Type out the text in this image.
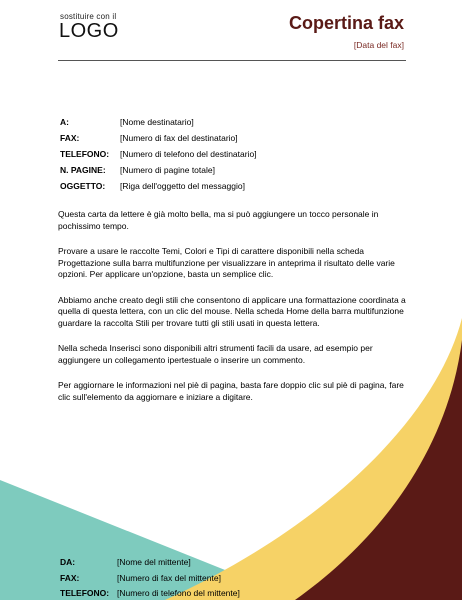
sostituire con il
LOGO	Copertina fax
[Data del fax]
A:	[Nome destinatario]
FAX:	[Numero di fax del destinatario]
TELEFONO: [Numero di telefono del destinatario]
N. PAGINE: [Numero di pagine totale]
OGGETTO: [Riga dell'oggetto del messaggio]

Questa carta da lettere è già molto bella, ma si può aggiungere un tocco personale in pochissimo tempo.

Provare a usare le raccolte Temi, Colori e Tipi di carattere disponibili nella scheda Progettazione sulla barra multifunzione per visualizzare in anteprima il risultato delle varie opzioni. Per applicare un'opzione, basta un semplice clic.

Abbiamo anche creato degli stili che consentono di applicare una formattazione coordinata a quella di questa lettera, con un clic del mouse. Nella scheda Home della barra multifunzione guardare la raccolta Stili per trovare tutti gli stili usati in questa lettera.

Nella scheda Inserisci sono disponibili altri strumenti facili da usare, ad esempio per aggiungere un collegamento ipertestuale o inserire un commento.

Per aggiornare le informazioni nel piè di pagina, basta fare doppio clic sul piè di pagina, fare clic sull'elemento da aggiornare e iniziare a digitare.

DA:	[Nome del mittente]
FAX:	[Numero di fax del mittente]
TELEFONO: [Numero di telefono del mittente]
